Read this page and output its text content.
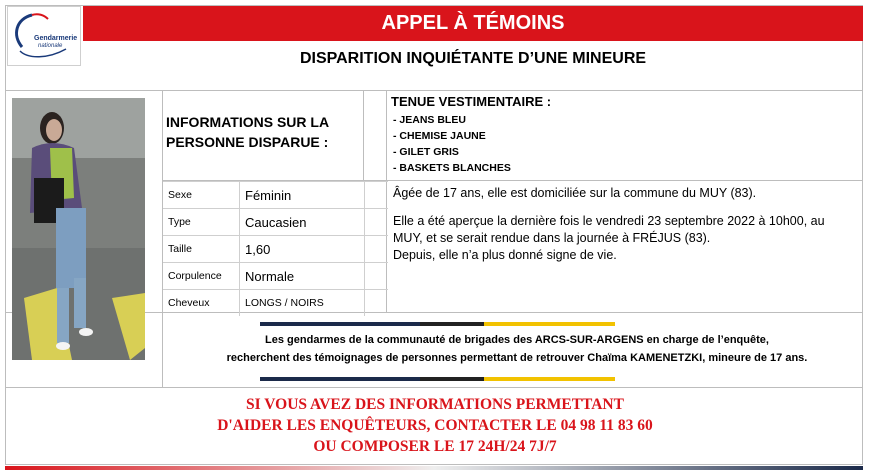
Gendarmerie
nationale
APPEL À TÉMOINS
DISPARITION INQUIÉTANTE D’UNE MINEURE
INFORMATIONS SUR LA PERSONNE DISPARUE :
TENUE VESTIMENTAIRE :
- JEANS BLEU
- CHEMISE JAUNE
- GILET GRIS
- BASKETS BLANCHES
Sexe	Féminin	
Type	Caucasien	
Taille	1,60	
Corpulence	Normale	
Cheveux	LONGS / NOIRS	

Âgée de 17 ans, elle est domiciliée sur la commune du MUY (83).

Elle a été aperçue la dernière fois le vendredi 23 septembre 2022 à 10h00, au MUY, et se serait rendue dans la journée à FRÉJUS (83).

Depuis, elle n’a plus donné signe de vie.

Les gendarmes de la communauté de brigades des ARCS-SUR-ARGENS en charge de l’enquête,
recherchent des témoignages de personnes permettant de retrouver Chaïma KAMENETZKI, mineure de 17 ans.
SI VOUS AVEZ DES INFORMATIONS PERMETTANT
D'AIDER LES ENQUÊTEURS, CONTACTER LE 04 98 11 83 60
OU COMPOSER LE 17 24H/24 7J/7
